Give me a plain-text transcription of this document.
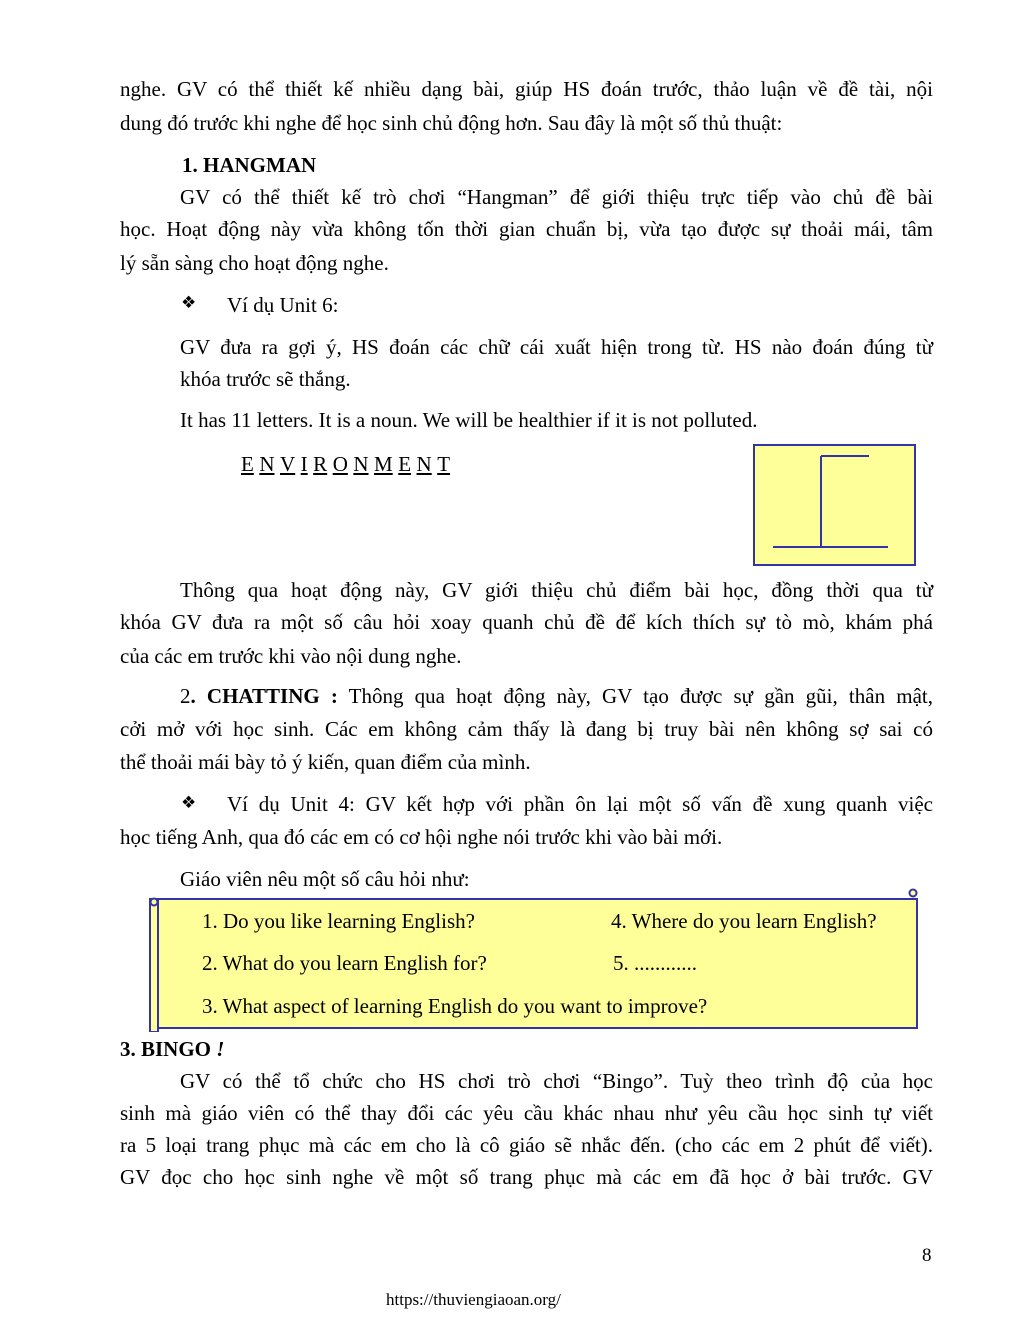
nghe. GV có thể thiết kế nhiều dạng bài, giúp HS đoán trước, thảo luận về đề tài, nội
dung đó trước khi nghe để học sinh chủ động hơn. Sau đây là một số thủ thuật:
1. HANGMAN
GV có thể thiết kế trò chơi “Hangman” để giới thiệu trực tiếp vào chủ đề bài
học. Hoạt động này vừa không tốn thời gian chuẩn bị, vừa tạo được sự thoải mái, tâm
lý sẵn sàng cho hoạt động nghe.
❖ Ví dụ Unit 6:
GV đưa ra gợi ý, HS đoán các chữ cái xuất hiện trong từ. HS nào đoán đúng từ
khóa trước sẽ thắng.
It has 11 letters. It is a noun. We will be healthier if it is not polluted.
E N V I R O N M E N T
Thông qua hoạt động này, GV giới thiệu chủ điểm bài học, đồng thời qua từ
khóa GV đưa ra một số câu hỏi xoay quanh chủ đề để kích thích sự tò mò, khám phá
của các em trước khi vào nội dung nghe.
2. CHATTING : Thông qua hoạt động này, GV tạo được sự gần gũi, thân mật,
cởi mở với học sinh. Các em không cảm thấy là đang bị truy bài nên không sợ sai có
thể thoải mái bày tỏ ý kiến, quan điểm của mình.
❖ Ví dụ Unit 4: GV kết hợp với phần ôn lại một số vấn đề xung quanh việc
học tiếng Anh, qua đó các em có cơ hội nghe nói trước khi vào bài mới.
Giáo viên nêu một số câu hỏi như:
1. Do you like learning English?	4. Where do you learn English?
2. What do you learn English for?	5. ............
3. What aspect of learning English do you want to improve?
3. BINGO !
GV có thể tổ chức cho HS chơi trò chơi “Bingo”. Tuỳ theo trình độ của học
sinh mà giáo viên có thể thay đổi các yêu cầu khác nhau như yêu cầu học sinh tự viết
ra 5 loại trang phục mà các em cho là cô giáo sẽ nhắc đến. (cho các em 2 phút để viết).
GV đọc cho học sinh nghe về một số trang phục mà các em đã học ở bài trước. GV
8
https://thuviengiaoan.org/
